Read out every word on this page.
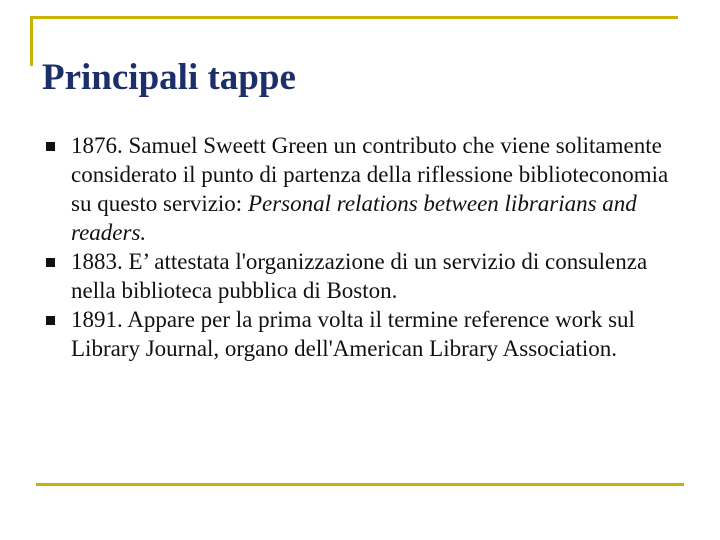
Principali tappe
1876. Samuel Sweett Green un contributo che viene solitamente considerato il punto di partenza della riflessione biblioteconomia su questo servizio: Personal relations between librarians and readers.
1883. E’ attestata l'organizzazione di un servizio di consulenza nella biblioteca pubblica di Boston.
1891. Appare per la prima volta il termine reference work sul Library Journal, organo dell'American Library Association.
